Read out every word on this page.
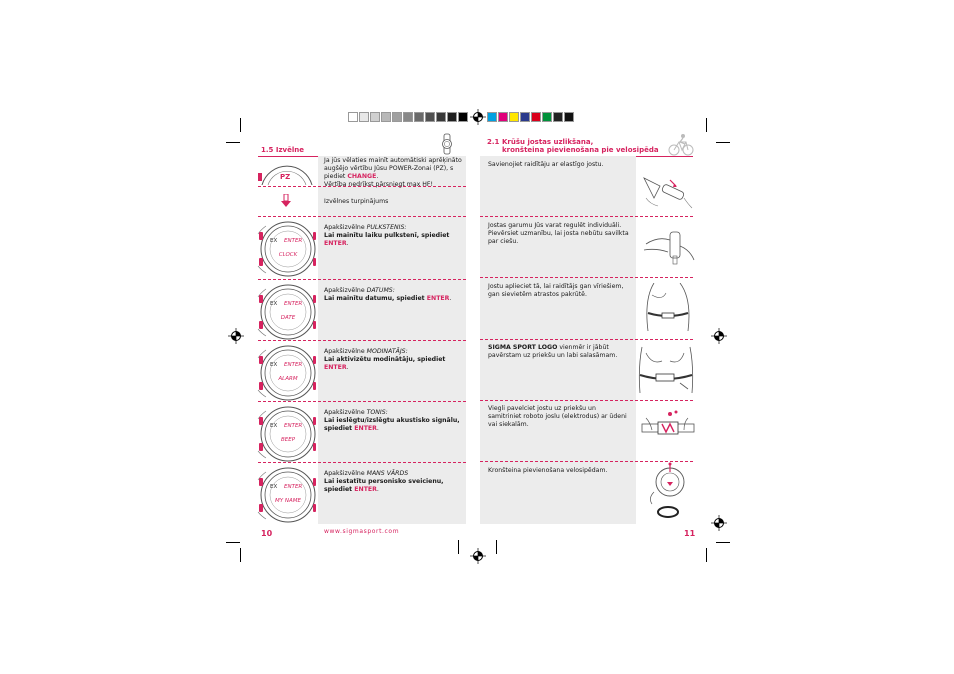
1.5 Izvēlne
PZ
Ja jūs vēlaties mainīt automātiski aprēķināto augšējo vērtību Jūsu POWER-Zonai (PZ), s piediet CHANGE.
Vērtība nedrīkst pārsniegt max HF!
Izvēlnes turpinājums
EX ENTER
CLOCK
Apakšizvēlne PULKSTENIS:
Lai mainītu laiku pulkstenī, spiediet ENTER.
EX ENTER
DATE
Apakšizvēlne DATUMS:
Lai mainītu datumu, spiediet ENTER.
EX ENTER
ALARM
Apakšizvēlne MODINATĀJS:
Lai aktivizētu modinātāju, spiediet ENTER.
EX ENTER
BEEP
Apakšizvēlne TONIS:
Lai ieslēgtu/izslēgtu akustisko signālu, spiediet ENTER.
EX ENTER
MY NAME
Apakšizvēlne MANS VĀRDS
Lai iestatītu personisko sveicienu, spiediet ENTER.
10	www.sigmasport.com
2.1 Krūšu jostas uzlikšana,
kronšteina pievienošana pie velosipēda
Savienojiet raidītāju ar elastīgo jostu.
Jostas garumu Jūs varat regulēt individuāli. Pievērsiet uzmanību, lai josta nebūtu savilkta par ciešu.
Jostu aplieciet tā, lai raidītājs gan vīriešiem, gan sievietēm atrastos pakrūtē.
SIGMA SPORT LOGO vienmēr ir jābūt pavērstam uz priekšu un labi salasāmam.
Viegli pavelciet jostu uz priekšu un samitriniet roboto joslu (elektrodus) ar ūdeni vai siekalām.
Kronšteina pievienošana velosipēdam.
11
